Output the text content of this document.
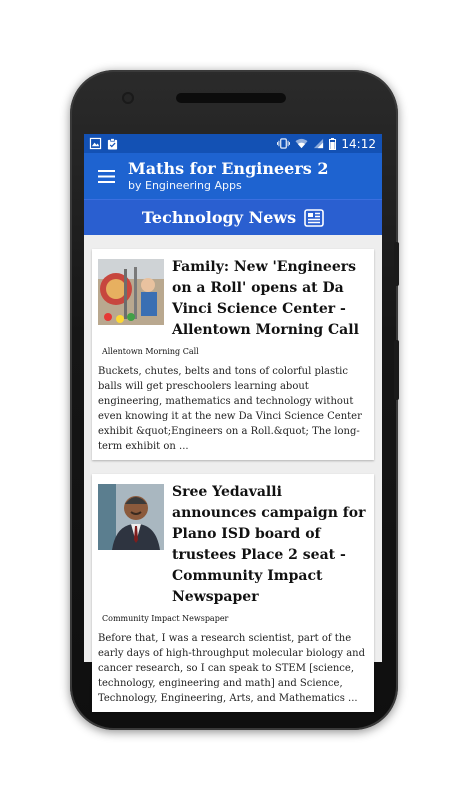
14:12
Maths for Engineers 2
by Engineering Apps
Technology News
Family: New 'Engineers on a Roll' opens at Da Vinci Science Center - Allentown Morning Call
Allentown Morning Call
Buckets, chutes, belts and tons of colorful plastic balls will get preschoolers learning about engineering, mathematics and technology without even knowing it at the new Da Vinci Science Center exhibit &quot;Engineers on a Roll.&quot; The long-term exhibit on ...
Sree Yedavalli announces campaign for Plano ISD board of trustees Place 2 seat - Community Impact Newspaper
Community Impact Newspaper
Before that, I was a research scientist, part of the early days of high-throughput molecular biology and cancer research, so I can speak to STEM [science, technology, engineering and math] and Science, Technology, Engineering, Arts, and Mathematics ...
